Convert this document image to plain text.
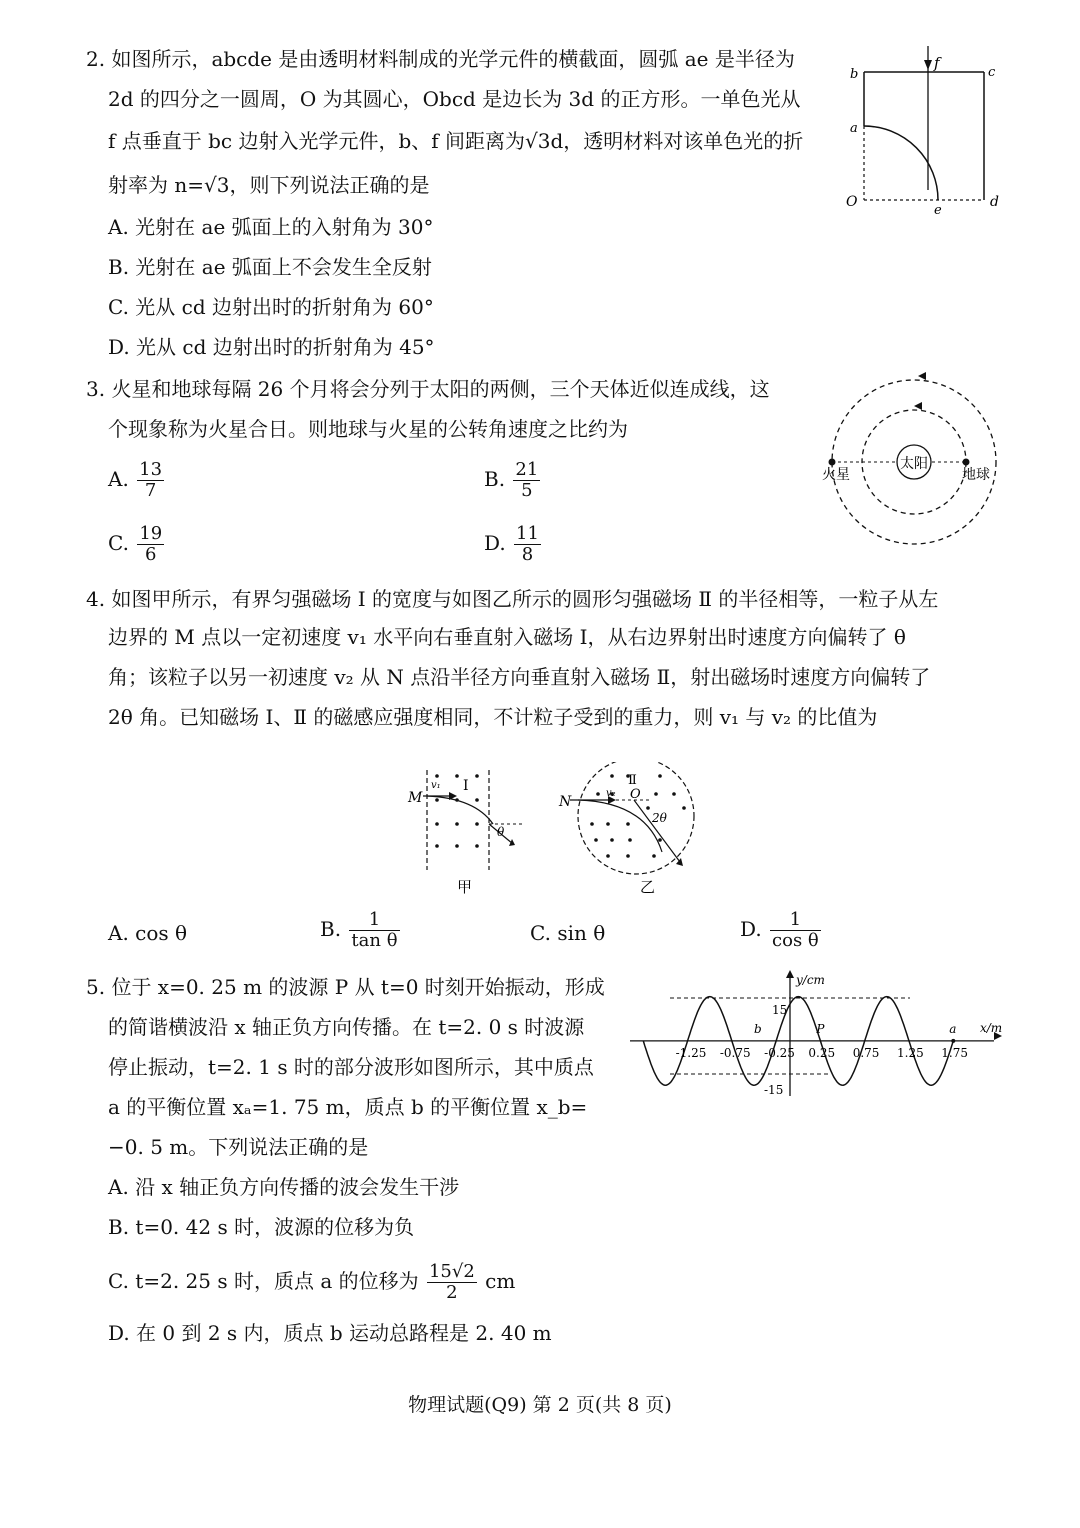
2. 如图所示，abcde 是由透明材料制成的光学元件的横截面，圆弧 ae 是半径为
2d 的四分之一圆周，O 为其圆心，Obcd 是边长为 3d 的正方形。一单色光从
f 点垂直于 bc 边射入光学元件，b、f 间距离为√3d，透明材料对该单色光的折
射率为 n=√3，则下列说法正确的是
A. 光射在 ae 弧面上的入射角为 30°
B. 光射在 ae 弧面上不会发生全反射
C. 光从 cd 边射出时的折射角为 60°
D. 光从 cd 边射出时的折射角为 45°
b
f
c
a
O
e
d
3. 火星和地球每隔 26 个月将会分列于太阳的两侧，三个天体近似连成线，这
个现象称为火星合日。则地球与火星的公转角速度之比约为
A. $\frac{13}{7}$	B. $\frac{21}{5}$
C. $\frac{19}{6}$	D. $\frac{11}{8}$
太阳
火星	地球
4. 如图甲所示，有界匀强磁场 Ⅰ 的宽度与如图乙所示的圆形匀强磁场 Ⅱ 的半径相等，一粒子从左
边界的 M 点以一定初速度 v₁ 水平向右垂直射入磁场 Ⅰ，从右边界射出时速度方向偏转了 θ
角；该粒子以另一初速度 v₂ 从 N 点沿半径方向垂直射入磁场 Ⅱ，射出磁场时速度方向偏转了
2θ 角。已知磁场 Ⅰ、Ⅱ 的磁感应强度相同，不计粒子受到的重力，则 v₁ 与 v₂ 的比值为
M
v₁ Ⅰ
θ
甲
N
v₂ O
Ⅱ
2θ
乙
A. cos θ	B. $\frac{1}{\text{tan θ}}$	C. sin θ	D. $\frac{1}{\text{cos θ}}$
5. 位于 x=0. 25 m 的波源 P 从 t=0 时刻开始振动，形成
的简谐横波沿 x 轴正负方向传播。在 t=2. 0 s 时波源
停止振动，t=2. 1 s 时的部分波形如图所示，其中质点
a 的平衡位置 xₐ=1. 75 m，质点 b 的平衡位置 x_b=
−0. 5 m。下列说法正确的是
A. 沿 x 轴正负方向传播的波会发生干涉
B. t=0. 42 s 时，波源的位移为负
C. t=2. 25 s 时，质点 a 的位移为 $\frac{15√2}{2}$ cm
D. 在 0 到 2 s 内，质点 b 运动总路程是 2. 40 m
y/cm
x/m
15
-15
-1.25 -0.75 -0.25 0.25 0.75 1.25 1.75
b	P	a
物理试题(Q9) 第 2 页(共 8 页)
